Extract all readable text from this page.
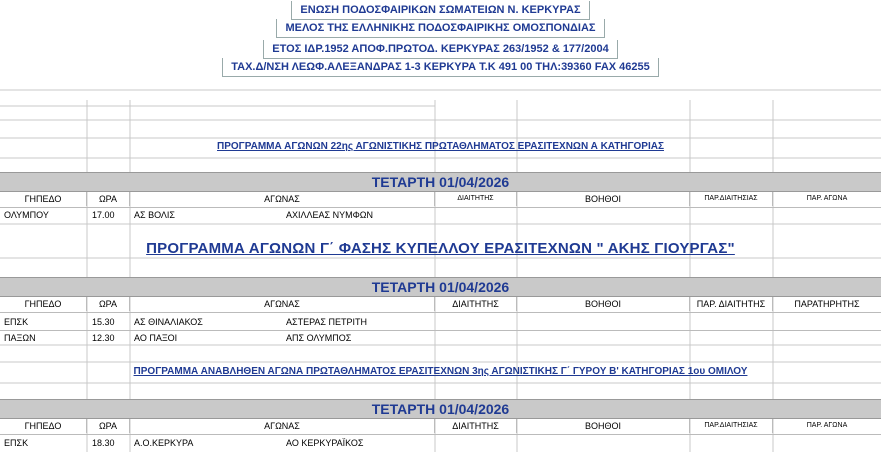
ΕΝΩΣΗ ΠΟΔΟΣΦΑΙΡΙΚΩΝ ΣΩΜΑΤΕΙΩΝ Ν. ΚΕΡΚΥΡΑΣ
ΜΕΛΟΣ ΤΗΣ ΕΛΛΗΝΙΚΗΣ ΠΟΔΟΣΦΑΙΡΙΚΗΣ ΟΜΟΣΠΟΝΔΙΑΣ
ΕΤΟΣ ΙΔΡ.1952 ΑΠΟΦ.ΠΡΩΤΟΔ. ΚΕΡΚΥΡΑΣ 263/1952 & 177/2004
ΤΑΧ.Δ/ΝΣΗ ΛΕΩΦ.ΑΛΕΞΑΝΔΡΑΣ 1-3 ΚΕΡΚΥΡΑ Τ.Κ 491 00 ΤΗΛ:39360 FAX 46255
ΠΡΟΓΡΑΜΜΑ ΑΓΩΝΩΝ 22ης ΑΓΩΝΙΣΤΙΚΗΣ ΠΡΩΤΑΘΛΗΜΑΤΟΣ ΕΡΑΣΙΤΕΧΝΩΝ Α ΚΑΤΗΓΟΡΙΑΣ
ΤΕΤΑΡΤΗ 01/04/2026
ΓΗΠΕΔΟ	ΩΡΑ	ΑΓΩΝΑΣ	ΔΙΑΙΤΗΤΗΣ	ΒΟΗΘΟΙ	ΠΑΡ.ΔΙΑΙΤΗΣΙΑΣ	ΠΑΡ. ΑΓΩΝΑ
ΟΛΥΜΠΟΥ	17.00	ΑΣ ΒΟΛΙΣ	ΑΧΙΛΛΕΑΣ ΝΥΜΦΩΝ
ΠΡΟΓΡΑΜΜΑ ΑΓΩΝΩΝ Γ΄ ΦΑΣΗΣ ΚΥΠΕΛΛΟΥ ΕΡΑΣΙΤΕΧΝΩΝ " ΑΚΗΣ ΓΙΟΥΡΓΑΣ"
ΤΕΤΑΡΤΗ 01/04/2026
ΓΗΠΕΔΟ	ΩΡΑ	ΑΓΩΝΑΣ	ΔΙΑΙΤΗΤΗΣ	ΒΟΗΘΟΙ	ΠΑΡ. ΔΙΑΙΤΗΤΗΣ	ΠΑΡΑΤΗΡΗΤΗΣ
ΕΠΣΚ	15.30	ΑΣ ΘΙΝΑΛΙΑΚΟΣ	ΑΣΤΕΡΑΣ ΠΕΤΡΙΤΗ
ΠΑΞΩΝ	12.30	ΑΟ ΠΑΞΟΙ	ΑΠΣ ΟΛΥΜΠΟΣ
ΠΡΟΓΡΑΜΜΑ ΑΝΑΒΛΗΘΕΝ ΑΓΩΝΑ ΠΡΩΤΑΘΛΗΜΑΤΟΣ ΕΡΑΣΙΤΕΧΝΩΝ 3ης ΑΓΩΝΙΣΤΙΚΗΣ Γ΄ ΓΥΡΟΥ Β' ΚΑΤΗΓΟΡΙΑΣ 1ου ΟΜΙΛΟΥ
ΤΕΤΑΡΤΗ 01/04/2026
ΓΗΠΕΔΟ	ΩΡΑ	ΑΓΩΝΑΣ	ΔΙΑΙΤΗΤΗΣ	ΒΟΗΘΟΙ	ΠΑΡ.ΔΙΑΙΤΗΣΙΑΣ	ΠΑΡ. ΑΓΩΝΑ
ΕΠΣΚ	18.30	Α.Ο.ΚΕΡΚΥΡΑ	ΑΟ ΚΕΡΚΥΡΑΪΚΟΣ
